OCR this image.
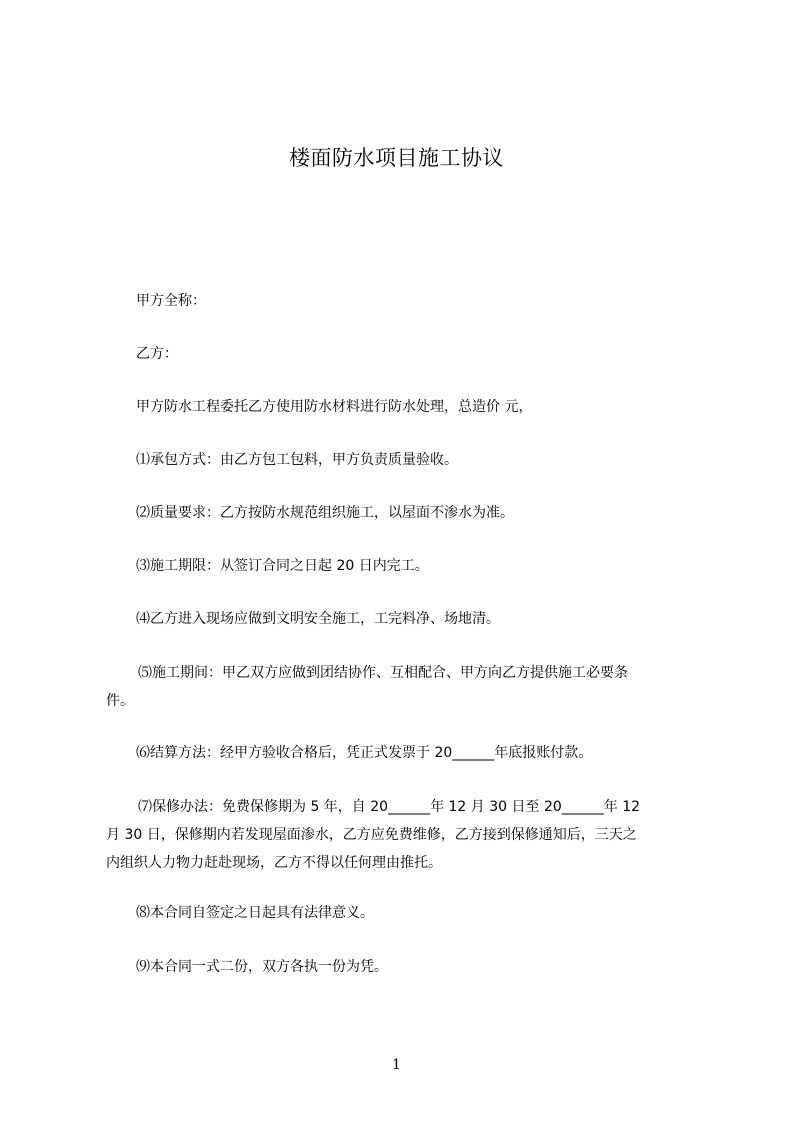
楼面防水项目施工协议
甲方全称：
乙方：
甲方防水工程委托乙方使用防水材料进行防水处理，总造价 元，
⑴承包方式：由乙方包工包料，甲方负责质量验收。
⑵质量要求：乙方按防水规范组织施工，以屋面不渗水为准。
⑶施工期限：从签订合同之日起 20 日内完工。
⑷乙方进入现场应做到文明安全施工，工完料净、场地清。
⑸施工期间：甲乙双方应做到团结协作、互相配合、甲方向乙方提供施工必要条
件。
⑹结算方法：经甲方验收合格后，凭正式发票于 20______年底报账付款。
⑺保修办法：免费保修期为 5 年，自 20______年 12 月 30 日至 20______年 12
月 30 日，保修期内若发现屋面渗水，乙方应免费维修，乙方接到保修通知后，三天之
内组织人力物力赶赴现场，乙方不得以任何理由推托。
⑻本合同自签定之日起具有法律意义。
⑼本合同一式二份，双方各执一份为凭。
1
